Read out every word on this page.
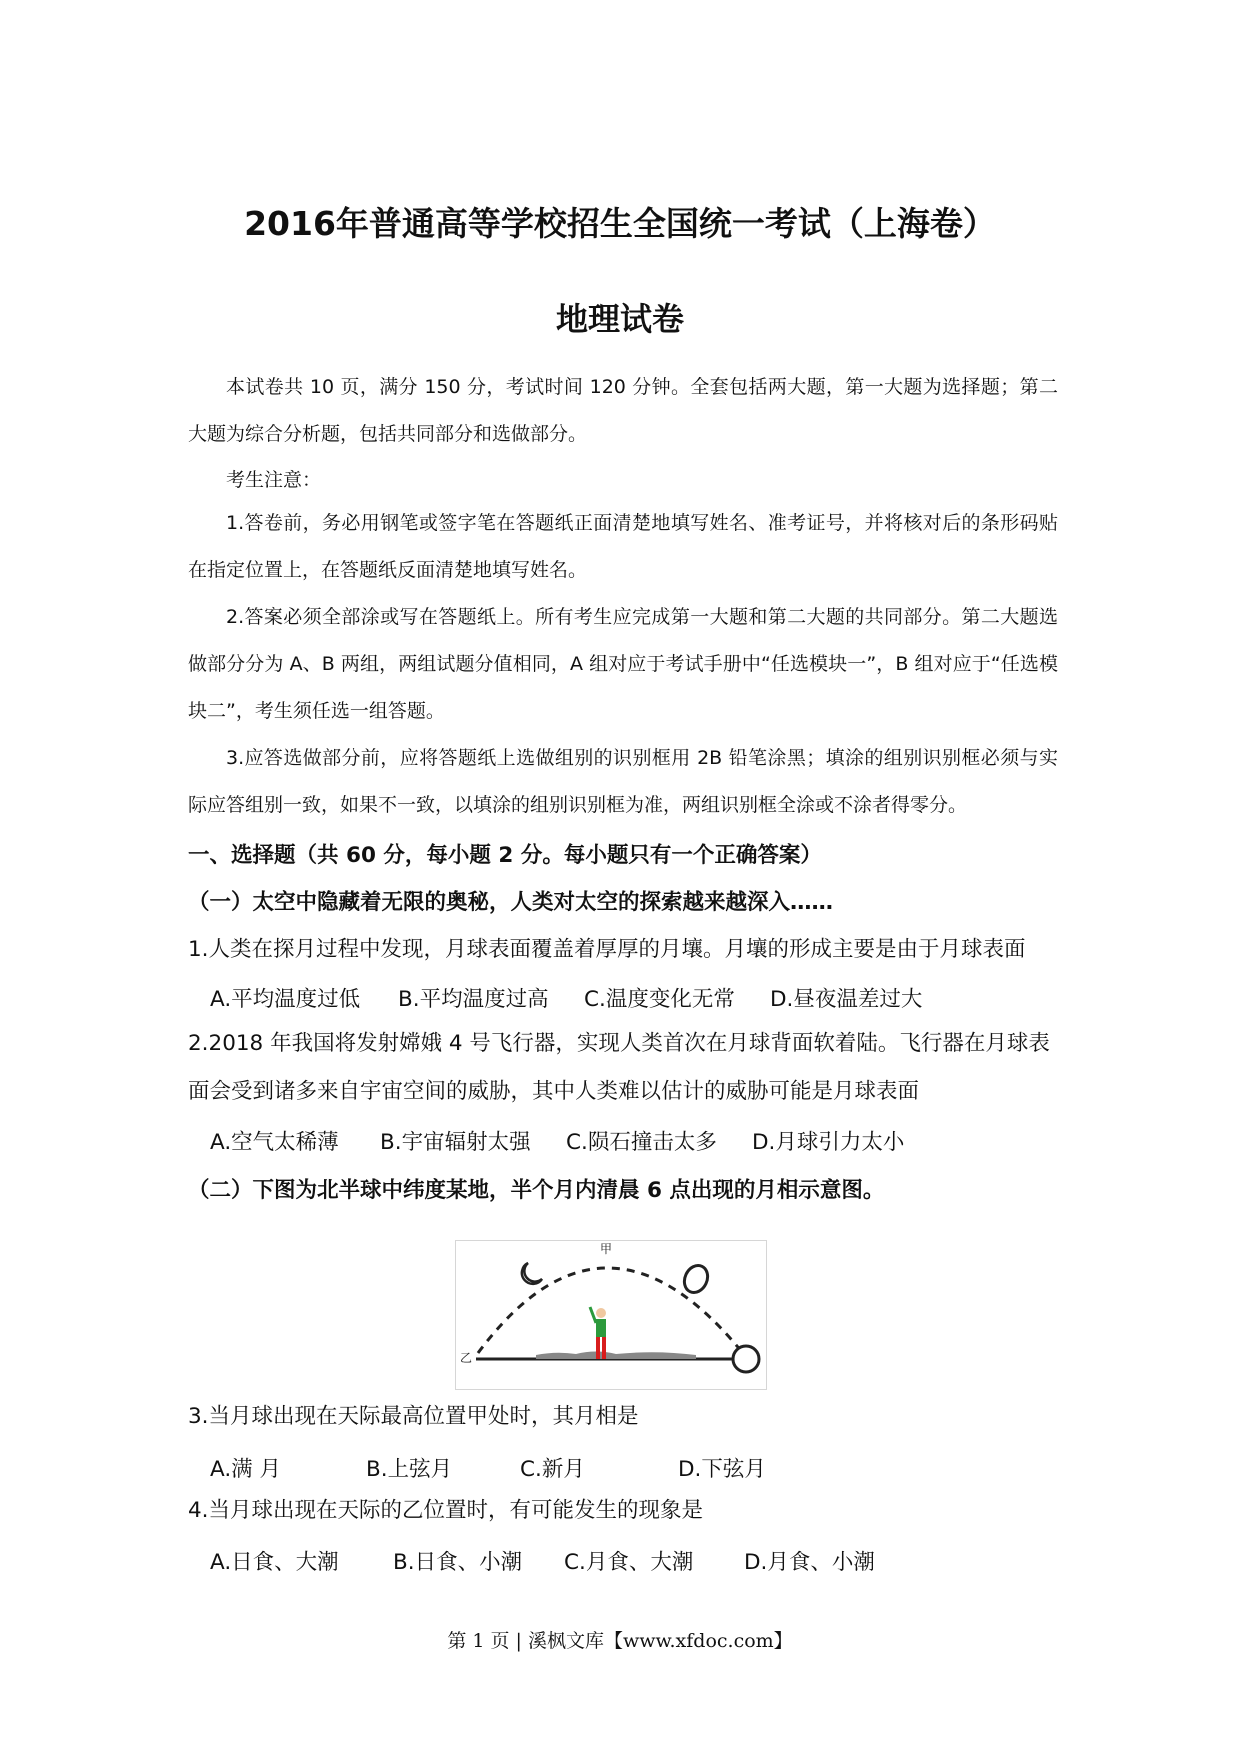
2016年普通高等学校招生全国统一考试（上海卷）
地理试卷
本试卷共 10 页，满分 150 分，考试时间 120 分钟。全套包括两大题，第一大题为选择题；第二大题为综合分析题，包括共同部分和选做部分。
考生注意：
1.答卷前，务必用钢笔或签字笔在答题纸正面清楚地填写姓名、准考证号，并将核对后的条形码贴在指定位置上，在答题纸反面清楚地填写姓名。
2.答案必须全部涂或写在答题纸上。所有考生应完成第一大题和第二大题的共同部分。第二大题选做部分分为 A、B 两组，两组试题分值相同，A 组对应于考试手册中“任选模块一”，B 组对应于“任选模块二”，考生须任选一组答题。
3.应答选做部分前，应将答题纸上选做组别的识别框用 2B 铅笔涂黑；填涂的组别识别框必须与实际应答组别一致，如果不一致，以填涂的组别识别框为准，两组识别框全涂或不涂者得零分。
一、选择题（共 60 分，每小题 2 分。每小题只有一个正确答案）
（一）太空中隐藏着无限的奥秘，人类对太空的探索越来越深入……
1.人类在探月过程中发现，月球表面覆盖着厚厚的月壤。月壤的形成主要是由于月球表面
A.平均温度过低 B.平均温度过高 C.温度变化无常 D.昼夜温差过大
2.2018 年我国将发射嫦娥 4 号飞行器，实现人类首次在月球背面软着陆。飞行器在月球表面会受到诸多来自宇宙空间的威胁，其中人类难以估计的威胁可能是月球表面
A.空气太稀薄 B.宇宙辐射太强 C.陨石撞击太多 D.月球引力太小
（二）下图为北半球中纬度某地，半个月内清晨 6 点出现的月相示意图。
甲
乙
3.当月球出现在天际最高位置甲处时，其月相是
A.满 月	B.上弦月	C.新月	D.下弦月
4.当月球出现在天际的乙位置时，有可能发生的现象是
A.日食、大潮	B.日食、小潮 C.月食、大潮 D.月食、小潮
第 1 页 | 溪枫文库【www.xfdoc.com】
